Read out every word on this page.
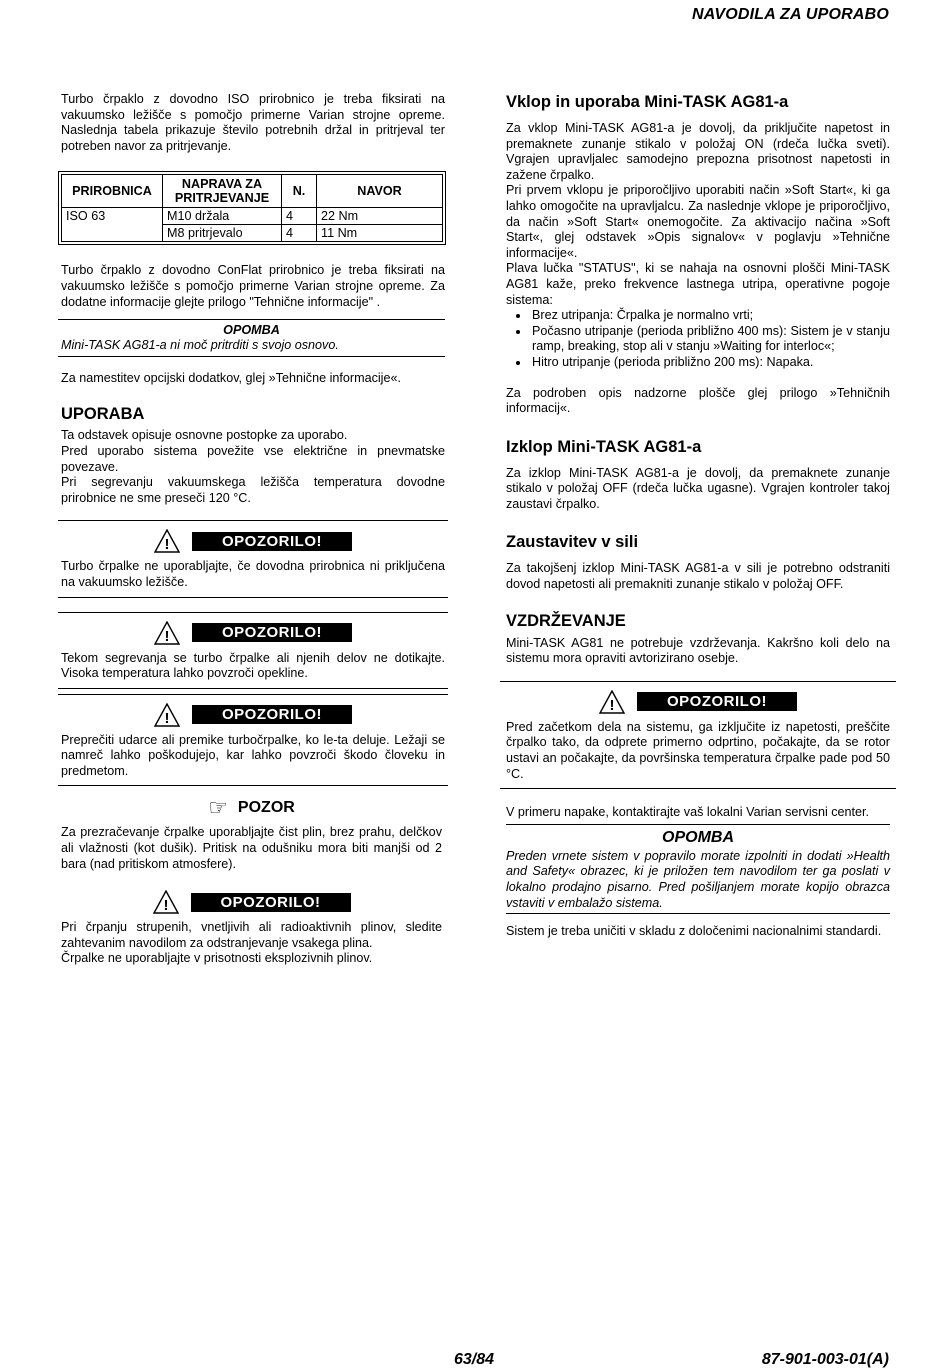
NAVODILA ZA UPORABO

Turbo črpaklo z dovodno ISO prirobnico je treba fiksirati na vakuumsko ležišče s pomočjo primerne Varian strojne opreme. Naslednja tabela prikazuje število potrebnih držal in pritrjeval ter potreben navor za pritrjevanje.

PRIROBNICA	NAPRAVA ZA PRITRJEVANJE	N.	NAVOR
ISO 63	M10 držala	4	22 Nm
	M8 pritrjevalo	4	11 Nm

Turbo črpaklo z dovodno ConFlat prirobnico je treba fiksirati na vakuumsko ležišče s pomočjo primerne Varian strojne opreme. Za dodatne informacije glejte prilogo "Tehnične informacije" .

OPOMBA

Mini-TASK AG81-a ni moč pritrditi s svojo osnovo.

Za namestitev opcijski dodatkov, glej »Tehnične informacije«.

UPORABA

Ta odstavek opisuje osnovne postopke za uporabo.
Pred uporabo sistema povežite vse električne in pnevmatske povezave.
Pri segrevanju vakuumskega ležišča temperatura dovodne prirobnice ne sme preseči 120 °C.

!	OPOZORILO!

Turbo črpalke ne uporabljajte, če dovodna prirobnica ni priključena na vakuumsko ležišče.

!	OPOZORILO!

Tekom segrevanja se turbo črpalke ali njenih delov ne dotikajte. Visoka temperatura lahko povzroči opekline.

!	OPOZORILO!

Preprečiti udarce ali premike turbočrpalke, ko le-ta deluje. Ležaji se namreč lahko poškodujejo, kar lahko povzroči škodo človeku in predmetom.

☞ POZOR

Za prezračevanje črpalke uporabljajte čist plin, brez prahu, delčkov ali vlažnosti (kot dušik). Pritisk na odušniku mora biti manjši od 2 bara (nad pritiskom atmosfere).

!	OPOZORILO!

Pri črpanju strupenih, vnetljivih ali radioaktivnih plinov, sledite zahtevanim navodilom za odstranjevanje vsakega plina.
Črpalke ne uporabljajte v prisotnosti eksplozivnih plinov.

Vklop in uporaba Mini-TASK AG81-a

Za vklop Mini-TASK AG81-a je dovolj, da priključite napetost in premaknete zunanje stikalo v položaj ON (rdeča lučka sveti). Vgrajen upravljalec samodejno prepozna prisotnost napetosti in zažene črpalko.

Pri prvem vklopu je priporočljivo uporabiti način »Soft Start«, ki ga lahko omogočite na upravljalcu. Za naslednje vklope je priporočljivo, da način »Soft Start« onemogočite. Za aktivacijo načina »Soft Start«, glej odstavek »Opis signalov« v poglavju »Tehnične informacije«.

Plava lučka "STATUS", ki se nahaja na osnovni plošči Mini-TASK AG81 kaže, preko frekvence lastnega utripa, operativne pogoje sistema:

• Brez utripanja: Črpalka je normalno vrti;
• Počasno utripanje (perioda približno 400 ms): Sistem je v stanju ramp, breaking, stop ali v stanju »Waiting for interloc«;
• Hitro utripanje (perioda približno 200 ms): Napaka.

Za podroben opis nadzorne plošče glej prilogo »Tehničnih informacij«.

Izklop Mini-TASK AG81-a

Za izklop Mini-TASK AG81-a je dovolj, da premaknete zunanje stikalo v položaj OFF (rdeča lučka ugasne). Vgrajen kontroler takoj zaustavi črpalko.

Zaustavitev v sili

Za takojšenj izklop Mini-TASK AG81-a v sili je potrebno odstraniti dovod napetosti ali premakniti zunanje stikalo v položaj OFF.

VZDRŽEVANJE

Mini-TASK AG81 ne potrebuje vzdrževanja. Kakršno koli delo na sistemu mora opraviti avtorizirano osebje.

!	OPOZORILO!

Pred začetkom dela na sistemu, ga izključite iz napetosti, preščite črpalko tako, da odprete primerno odprtino, počakajte, da se rotor ustavi an počakajte, da površinska temperatura črpalke pade pod 50 °C.

V primeru napake, kontaktirajte vaš lokalni Varian servisni center.

OPOMBA

Preden vrnete sistem v popravilo morate izpolniti in dodati »Health and Safety« obrazec, ki je priložen tem navodilom ter ga poslati v lokalno prodajno pisarno. Pred pošiljanjem morate kopijo obrazca vstaviti v embalažo sistema.

Sistem je treba uničiti v skladu z določenimi nacionalnimi standardi.

63/84	87-901-003-01(A)
